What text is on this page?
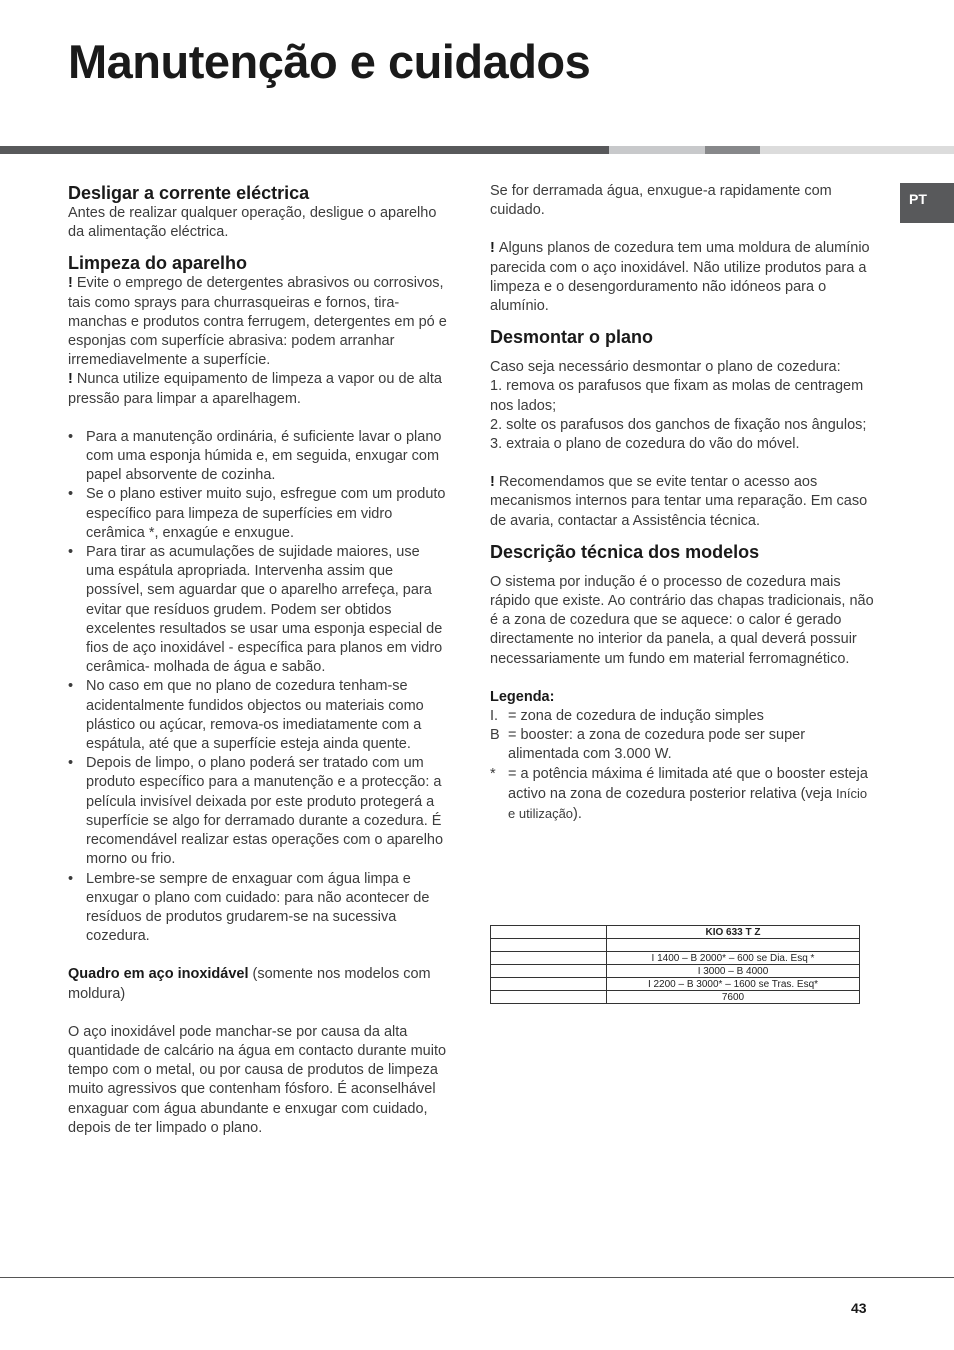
Manutenção e cuidados
PT
Desligar a corrente eléctrica

Antes de realizar qualquer operação, desligue o aparelho da alimentação eléctrica.

Limpeza do aparelho

! Evite o emprego de detergentes abrasivos ou corrosivos, tais como sprays para churrasqueiras e fornos, tira-manchas e produtos contra ferrugem, detergentes em pó e esponjas com superfície abrasiva: podem arranhar irremediavelmente a superfície.

! Nunca utilize equipamento de limpeza a vapor ou de alta pressão para limpar a aparelhagem.

• Para a manutenção ordinária, é suficiente lavar o plano com uma esponja húmida e, em seguida, enxugar com papel absorvente de cozinha.
• Se o plano estiver muito sujo, esfregue com um produto específico para limpeza de superfícies em vidro cerâmica *, enxagúe e enxugue.
• Para tirar as acumulações de sujidade maiores, use uma espátula apropriada. Intervenha assim que possível, sem aguardar que o aparelho arrefeça, para evitar que resíduos grudem. Podem ser obtidos excelentes resultados se usar uma esponja especial de fios de aço inoxidável - específica para planos em vidro cerâmica- molhada de água e sabão.
• No caso em que no plano de cozedura tenham-se acidentalmente fundidos objectos ou materiais como plástico ou açúcar, remova-os imediatamente com a espátula, até que a superfície esteja ainda quente.
• Depois de limpo, o plano poderá ser tratado com um produto específico para a manutenção e a protecção: a película invisível deixada por este produto protegerá a superfície se algo for derramado durante a cozedura. É recomendável realizar estas operações com o aparelho morno ou frio.
• Lembre-se sempre de enxaguar com água limpa e enxugar o plano com cuidado: para não acontecer de resíduos de produtos grudarem-se na sucessiva cozedura.

Quadro em aço inoxidável (somente nos modelos com moldura)

O aço inoxidável pode manchar-se por causa da alta quantidade de calcário na água em contacto durante muito tempo com o metal, ou por causa de produtos de limpeza muito agressivos que contenham fósforo. É aconselhável enxaguar com água abundante e enxugar com cuidado, depois de ter limpado o plano.

Se for derramada água, enxugue-a rapidamente com cuidado.

! Alguns planos de cozedura tem uma moldura de alumínio parecida com o aço inoxidável. Não utilize produtos para a limpeza e o desengorduramento não idóneos para o alumínio.

Desmontar o plano

Caso seja necessário desmontar o plano de cozedura:

1. remova os parafusos que fixam as molas de centragem nos lados;

2. solte os parafusos dos ganchos de fixação nos ângulos;

3. extraia o plano de cozedura do vão do móvel.

! Recomendamos que se evite tentar o acesso aos mecanismos internos para tentar uma reparação. Em caso de avaria, contactar a Assistência técnica.

Descrição técnica dos modelos

O sistema por indução é o processo de cozedura mais rápido que existe. Ao contrário das chapas tradicionais, não é a zona de cozedura que se aquece: o calor é gerado directamente no interior da panela, a qual deverá possuir necessariamente um fundo em material ferromagnético.

Legenda:

I. = zona de cozedura de indução simples
B = booster: a zona de cozedura pode ser super alimentada com 3.000 W.
* = a potência máxima é limitada até que o booster esteja activo na zona de cozedura posterior relativa (veja Início e utilização).
	KIO 633 T Z

	I 1400 – B 2000* – 600 se Dia. Esq *
	I 3000 – B 4000
	I 2200 – B 3000* – 1600 se Tras. Esq*
	7600
43
